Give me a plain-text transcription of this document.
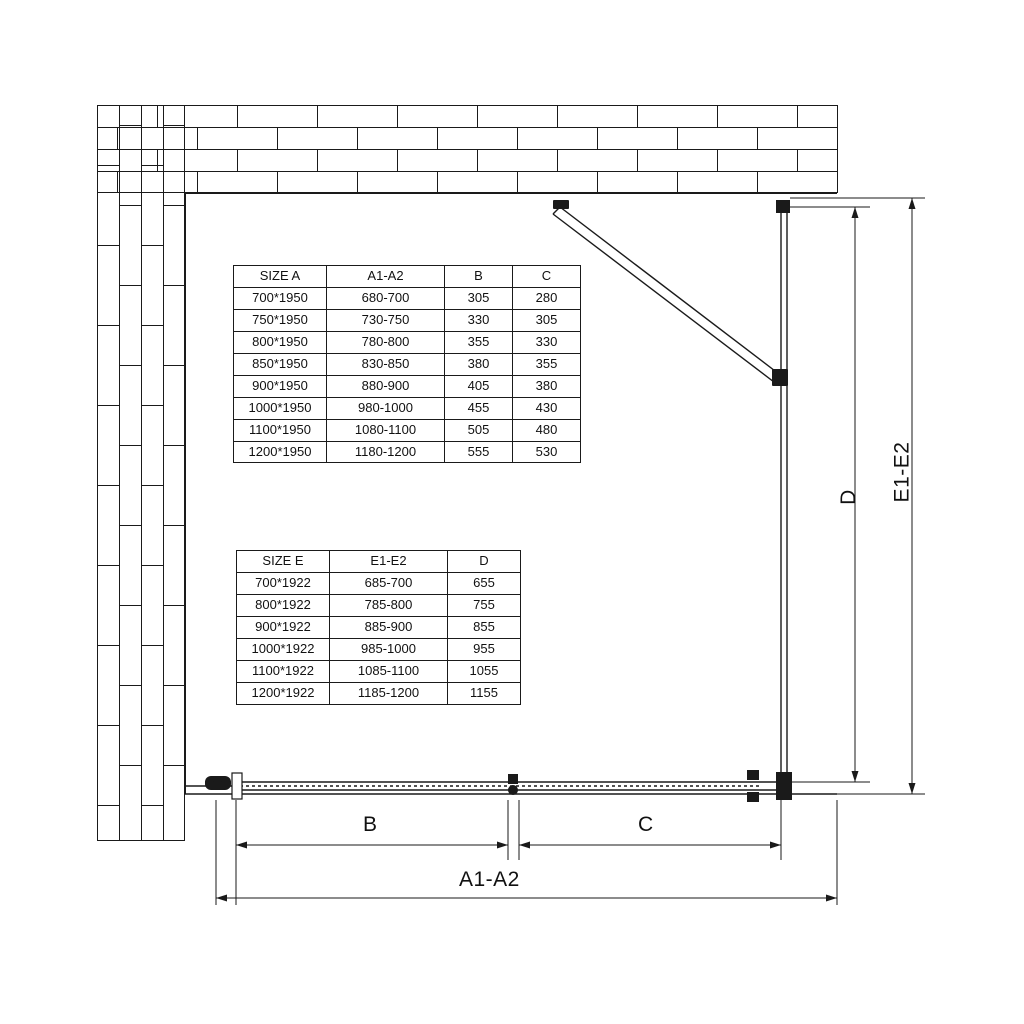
SIZE A	A1-A2	B	C
700*1950	680-700	305	280
750*1950	730-750	330	305
800*1950	780-800	355	330
850*1950	830-850	380	355
900*1950	880-900	405	380
1000*1950	980-1000	455	430
1100*1950	1080-1100	505	480
1200*1950	1180-1200	555	530
SIZE E	E1-E2	D
700*1922	685-700	655
800*1922	785-800	755
900*1922	885-900	855
1000*1922	985-1000	955
1100*1922	1085-1100	1055
1200*1922	1185-1200	1155
B	C
A1-A2
D E1-E2
